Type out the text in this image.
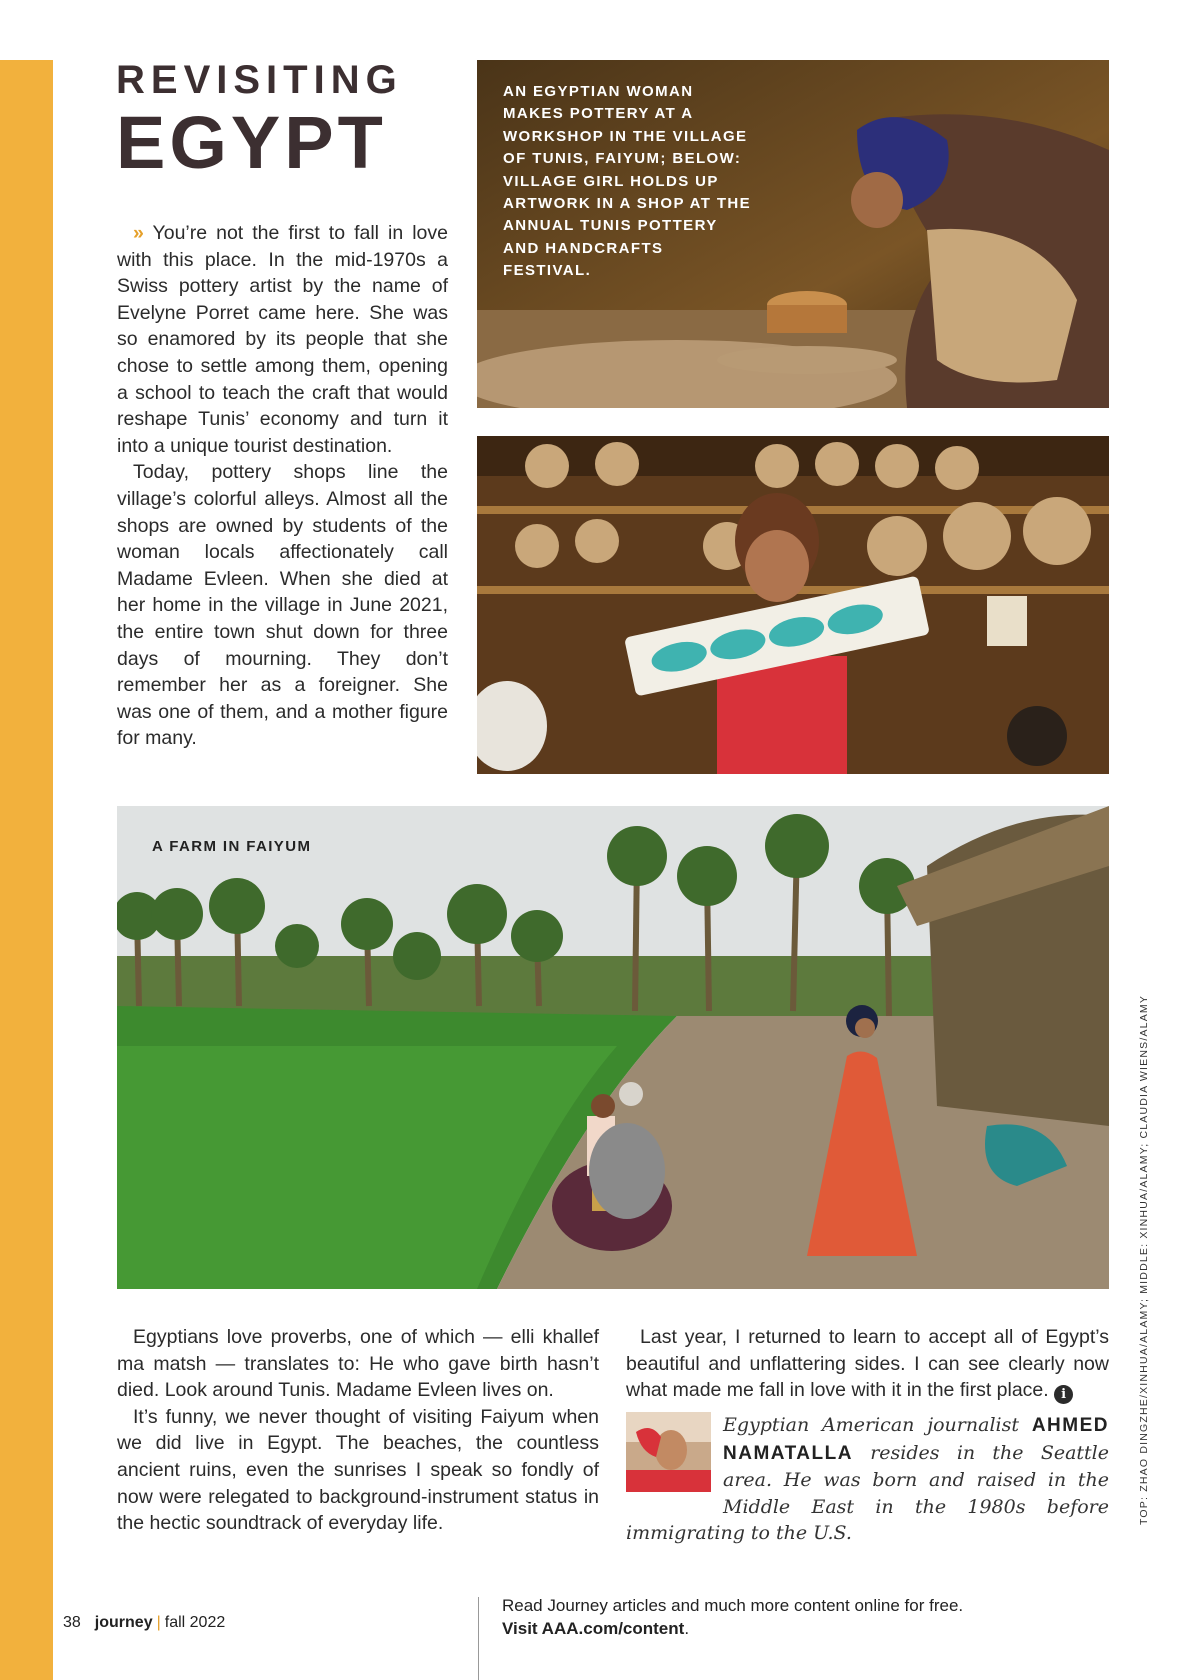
REVISITING
EGYPT

» You’re not the first to fall in love with this place. In the mid-1970s a Swiss pottery artist by the name of Evelyne Porret came here. She was so enamored by its people that she chose to settle among them, opening a school to teach the craft that would reshape Tunis’ economy and turn it into a unique tourist destination.

Today, pottery shops line the village’s colorful alleys. Almost all the shops are owned by students of the woman locals affectionately call Madame Evleen. When she died at her home in the village in June 2021, the entire town shut down for three days of mourning. They don’t remember her as a foreigner. She was one of them, and a mother figure for many.

AN EGYPTIAN WOMAN MAKES POTTERY AT A WORKSHOP IN THE VILLAGE OF TUNIS, FAIYUM; BELOW: VILLAGE GIRL HOLDS UP ARTWORK IN A SHOP AT THE ANNUAL TUNIS POTTERY AND HANDCRAFTS FESTIVAL.
A FARM IN FAIYUM
TOP: ZHAO DINGZHE/XINHUA/ALAMY; MIDDLE: XINHUA/ALAMY; CLAUDIA WIENS/ALAMY

Egyptians love proverbs, one of which — elli khallef ma matsh — translates to: He who gave birth hasn’t died. Look around Tunis. Madame Evleen lives on.

It’s funny, we never thought of visiting Faiyum when we did live in Egypt. The beaches, the countless ancient ruins, even the sunrises I speak so fondly of now were relegated to background-instrument status in the hectic soundtrack of everyday life.

Last year, I returned to learn to accept all of Egypt’s beautiful and unflattering sides. I can see clearly now what made me fall in love with it in the first place. i

Egyptian American journalist AHMED NAMATALLA resides in the Seattle area. He was born and raised in the Middle East in the 1980s before immigrating to the U.S.
38 journey | fall 2022
Read Journey articles and much more content online for free.
Visit AAA.com/content.
